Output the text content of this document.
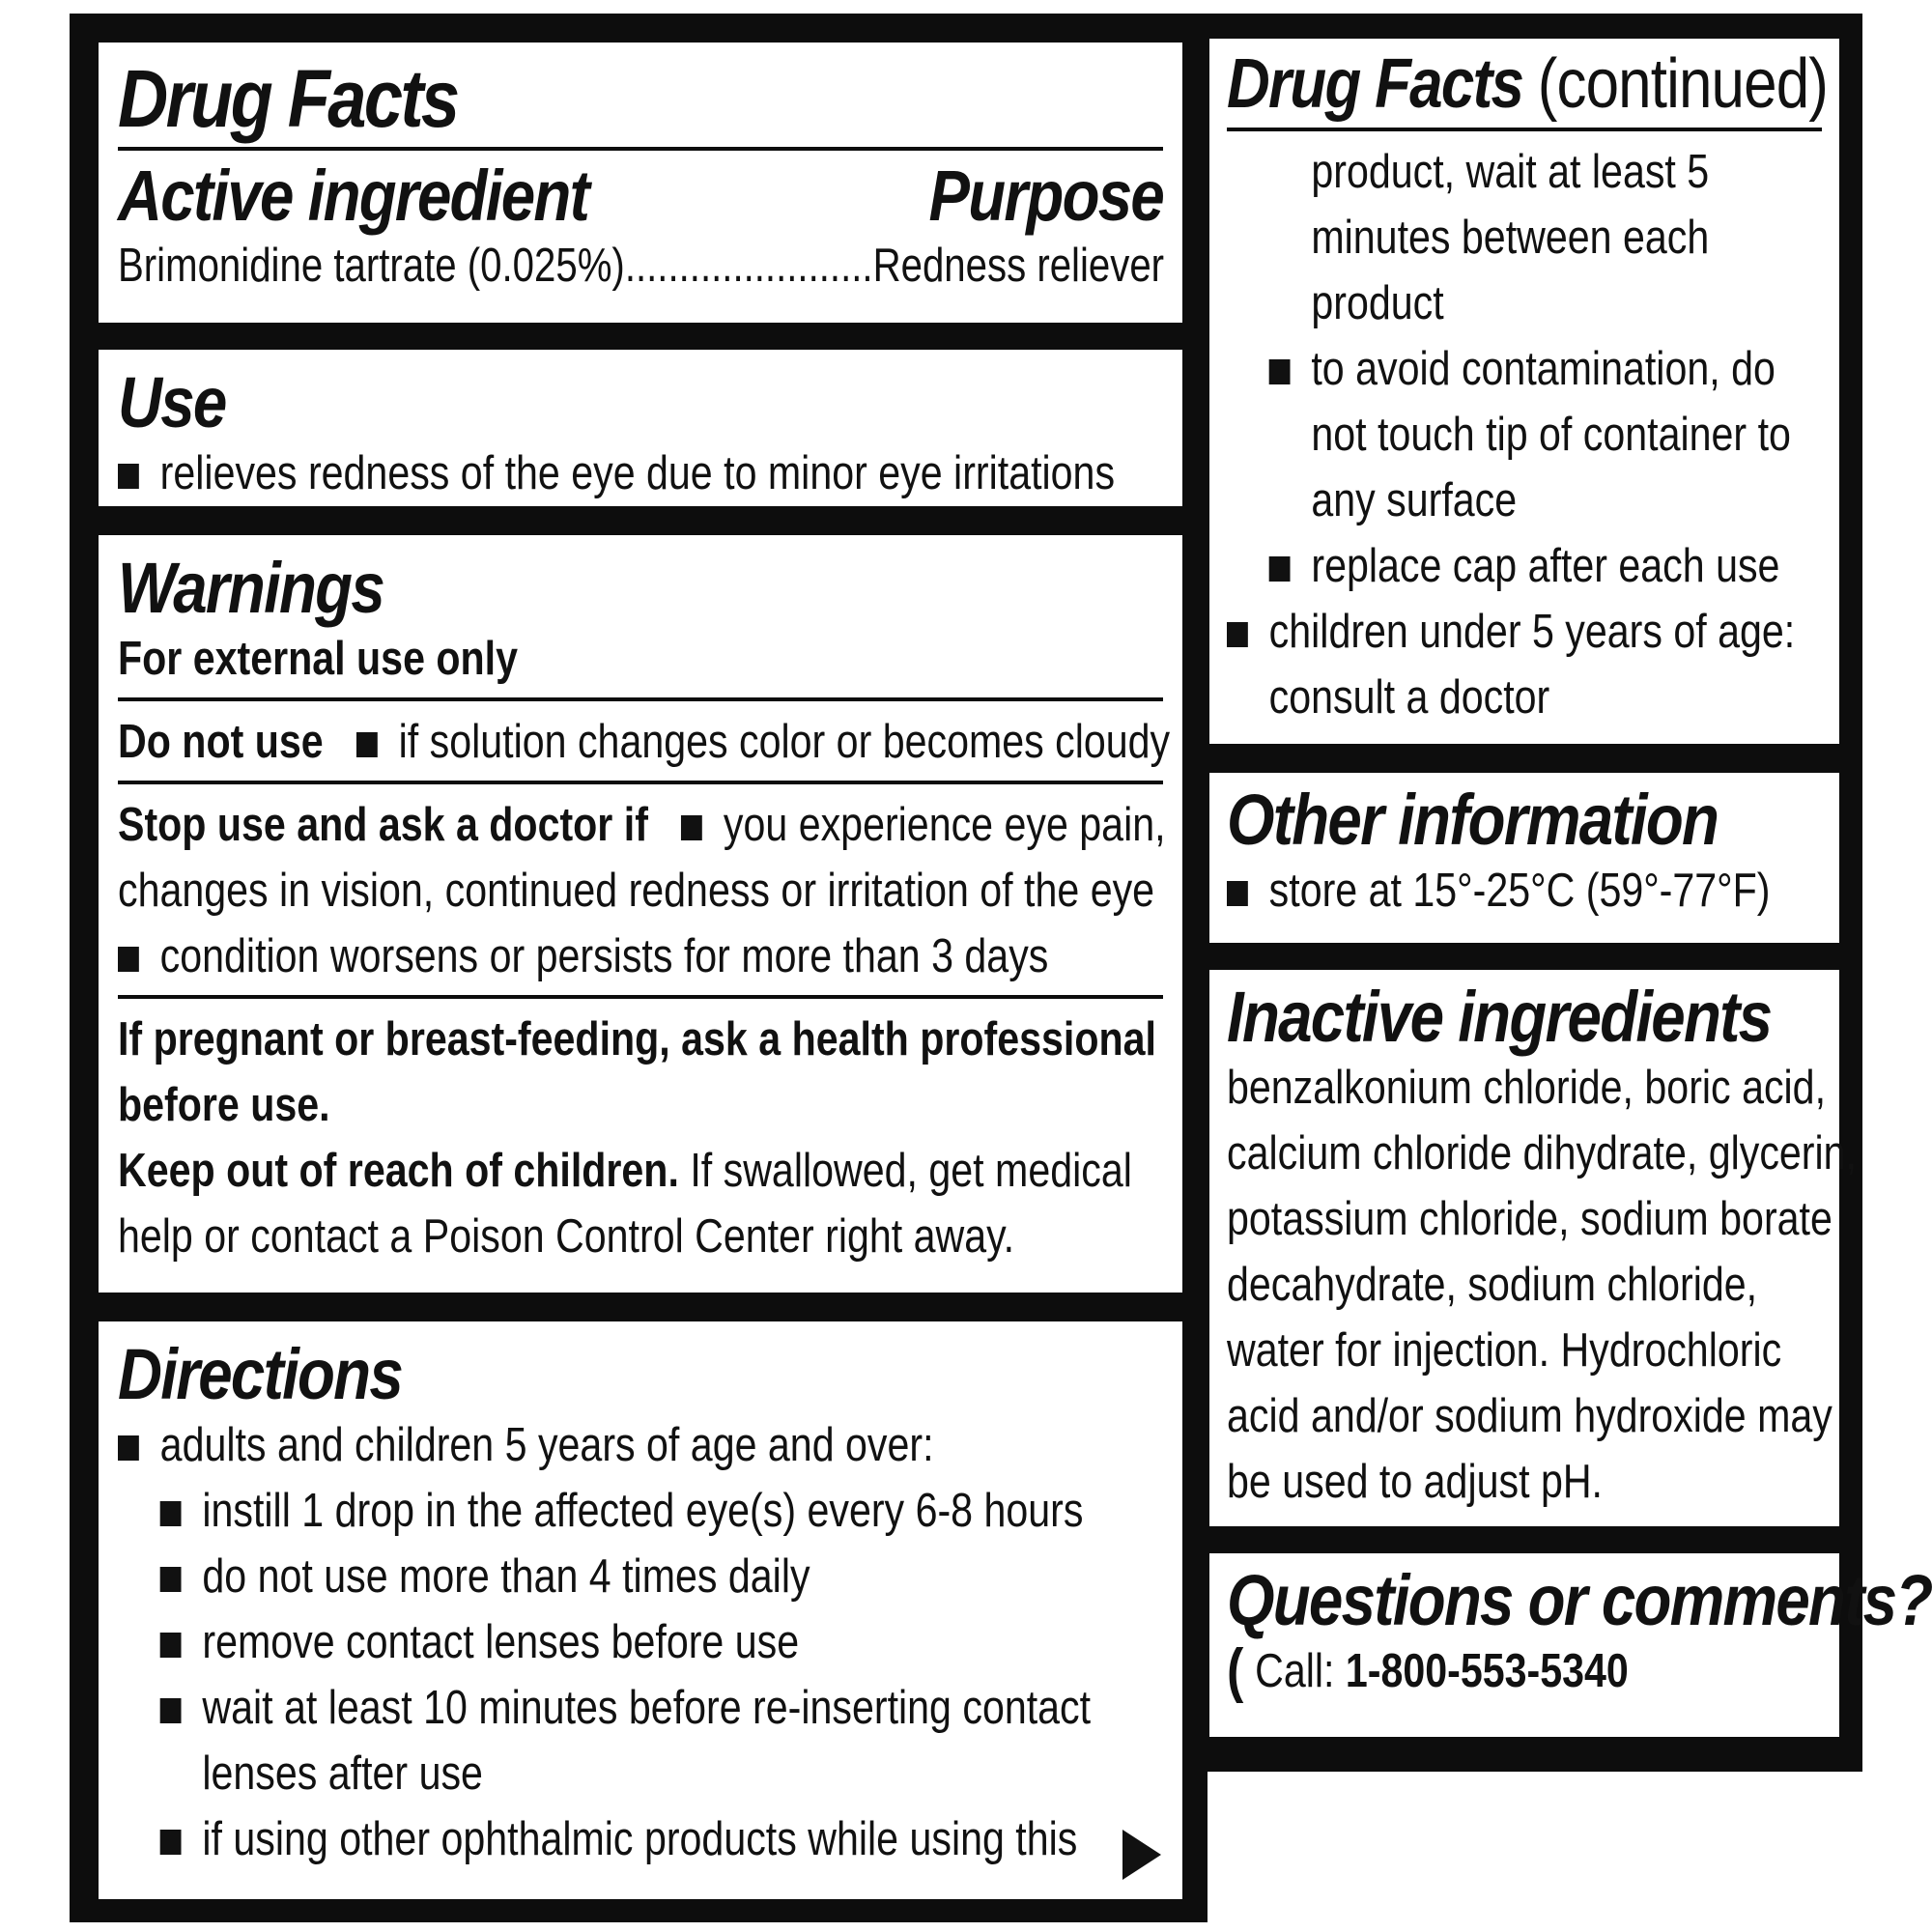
Drug Facts
Active ingredient	Purpose
Brimonidine tartrate (0.025%).......................Redness reliever
Use
relieves redness of the eye due to minor eye irritations
Warnings
For external use only
Do not use if solution changes color or becomes cloudy
Stop use and ask a doctor if you experience eye pain,
changes in vision, continued redness or irritation of the eye
condition worsens or persists for more than 3 days
If pregnant or breast-feeding, ask a health professional
before use.
Keep out of reach of children. If swallowed, get medical
help or contact a Poison Control Center right away.
Directions
adults and children 5 years of age and over:
instill 1 drop in the affected eye(s) every 6-8 hours
do not use more than 4 times daily
remove contact lenses before use
wait at least 10 minutes before re-inserting contact
lenses after use
if using other ophthalmic products while using this
Drug Facts (continued)
product, wait at least 5
minutes between each
product
to avoid contamination, do
not touch tip of container to
any surface
replace cap after each use
children under 5 years of age:
consult a doctor
Other information
store at 15°-25°C (59°-77°F)
Inactive ingredients
benzalkonium chloride, boric acid,
calcium chloride dihydrate, glycerin,
potassium chloride, sodium borate
decahydrate, sodium chloride,
water for injection. Hydrochloric
acid and/or sodium hydroxide may
be used to adjust pH.
Questions or comments?
( Call: 1-800-553-5340
